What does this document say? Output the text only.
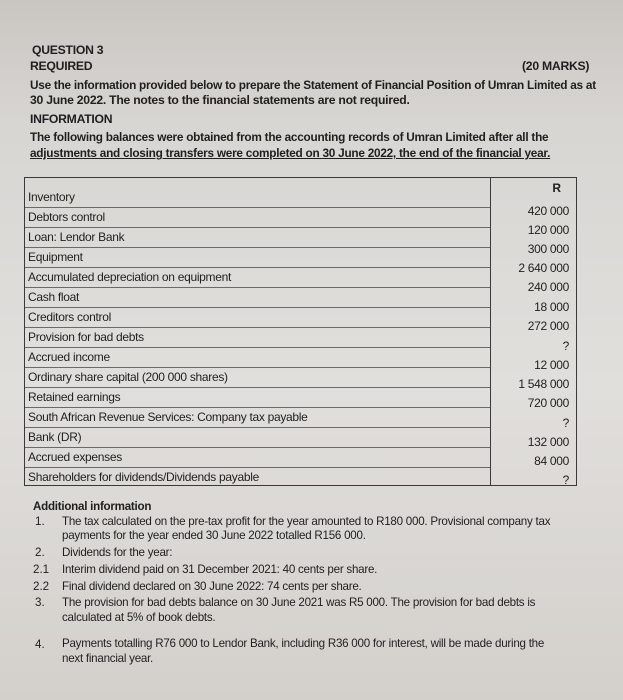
QUESTION 3
REQUIRED	(20 MARKS)
Use the information provided below to prepare the Statement of Financial Position of Umran Limited as at
30 June 2022. The notes to the financial statements are not required.
INFORMATION
The following balances were obtained from the accounting records of Umran Limited after all the
adjustments and closing transfers were completed on 30 June 2022, the end of the financial year.
R
Inventory
Debtors control
Loan: Lendor Bank
Equipment
Accumulated depreciation on equipment
Cash float
Creditors control
Provision for bad debts
Accrued income
Ordinary share capital (200 000 shares)
Retained earnings
South African Revenue Services: Company tax payable
Bank (DR)
Accrued expenses
Shareholders for dividends/Dividends payable
420 000
120 000
300 000
2 640 000
240 000
18 000
272 000
?
12 000
1 548 000
720 000
?
132 000
84 000
?
Additional information
1. The tax calculated on the pre-tax profit for the year amounted to R180 000. Provisional company tax
payments for the year ended 30 June 2022 totalled R156 000.
2. Dividends for the year:
2.1 Interim dividend paid on 31 December 2021: 40 cents per share.
2.2 Final dividend declared on 30 June 2022: 74 cents per share.
3. The provision for bad debts balance on 30 June 2021 was R5 000. The provision for bad debts is
calculated at 5% of book debts.
4. Payments totalling R76 000 to Lendor Bank, including R36 000 for interest, will be made during the
next financial year.
